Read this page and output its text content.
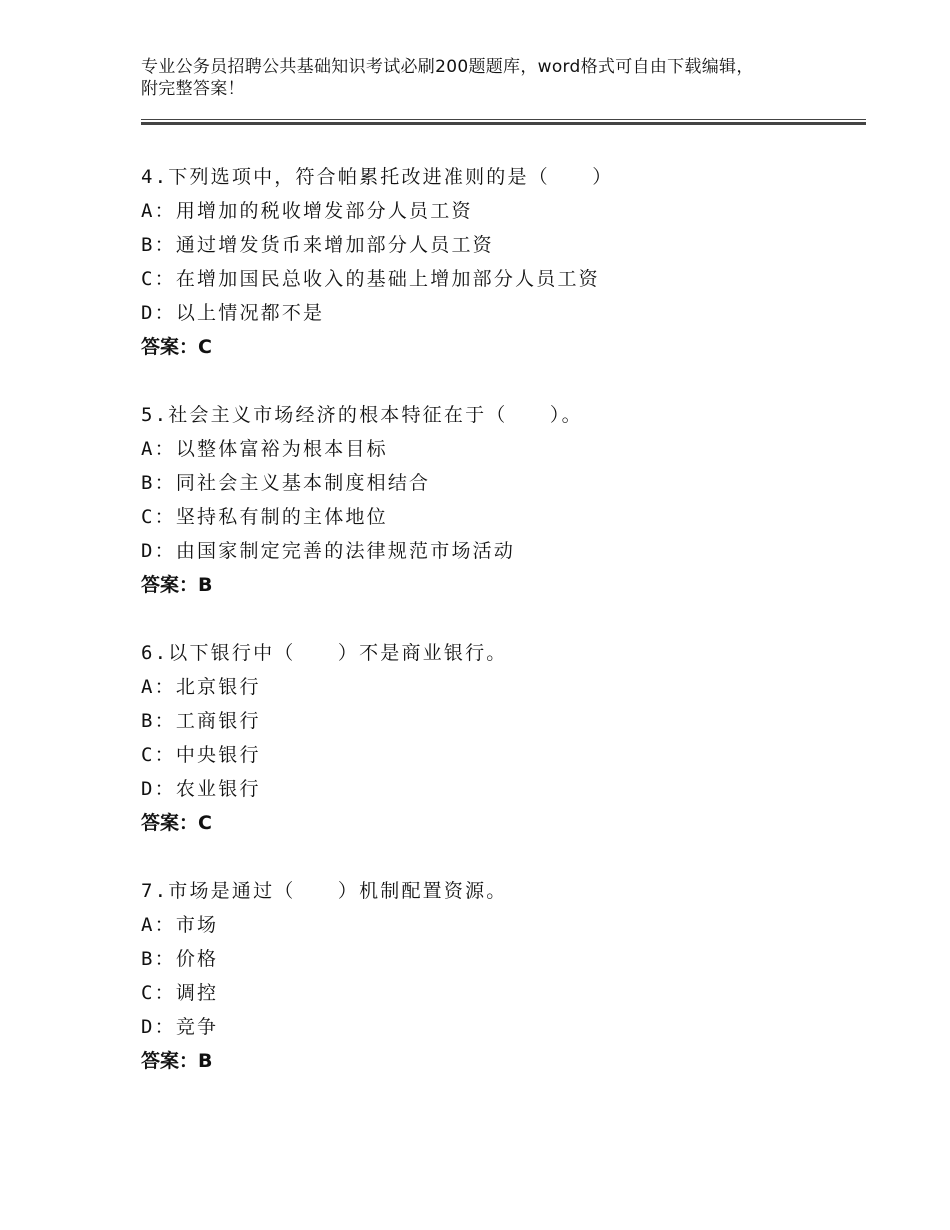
专业公务员招聘公共基础知识考试必刷200题题库，word格式可自由下载编辑，
附完整答案！
4.下列选项中，符合帕累托改进准则的是（　　）
A：用增加的税收增发部分人员工资
B：通过增发货币来增加部分人员工资
C：在增加国民总收入的基础上增加部分人员工资
D：以上情况都不是
答案：C
5.社会主义市场经济的根本特征在于（　　）。
A：以整体富裕为根本目标
B：同社会主义基本制度相结合
C：坚持私有制的主体地位
D：由国家制定完善的法律规范市场活动
答案：B
6.以下银行中（　　）不是商业银行。
A：北京银行
B：工商银行
C：中央银行
D：农业银行
答案：C
7.市场是通过（　　）机制配置资源。
A：市场
B：价格
C：调控
D：竞争
答案：B
